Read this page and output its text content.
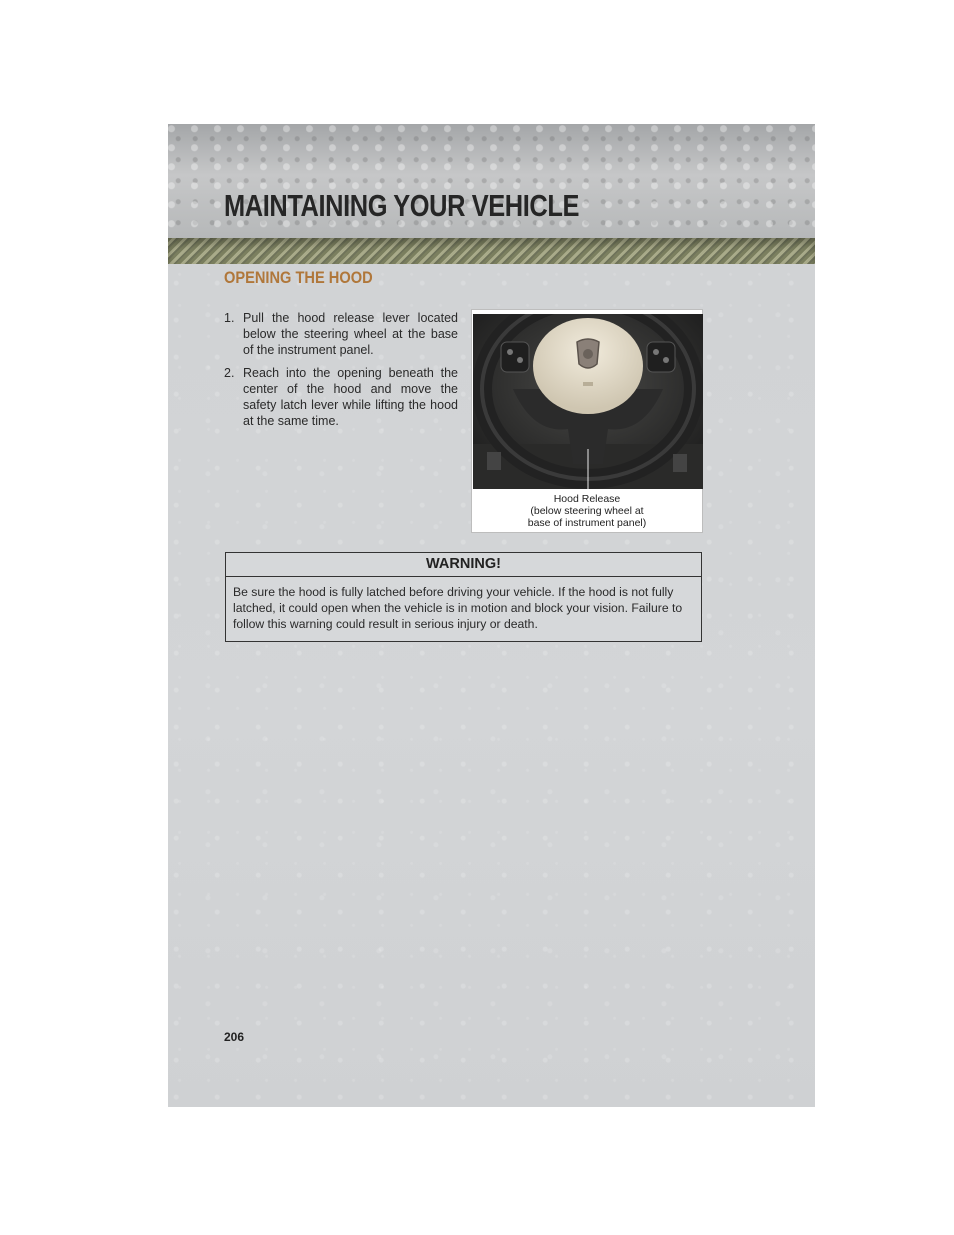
MAINTAINING YOUR VEHICLE
OPENING THE HOOD
1. Pull the hood release lever located below the steering wheel at the base of the instrument panel.
2. Reach into the opening beneath the center of the hood and move the safety latch lever while lifting the hood at the same time.
Hood Release
(below steering wheel at
base of instrument panel)
WARNING!
Be sure the hood is fully latched before driving your vehicle. If the hood is not fully latched, it could open when the vehicle is in motion and block your vision. Failure to follow this warning could result in serious injury or death.
206
